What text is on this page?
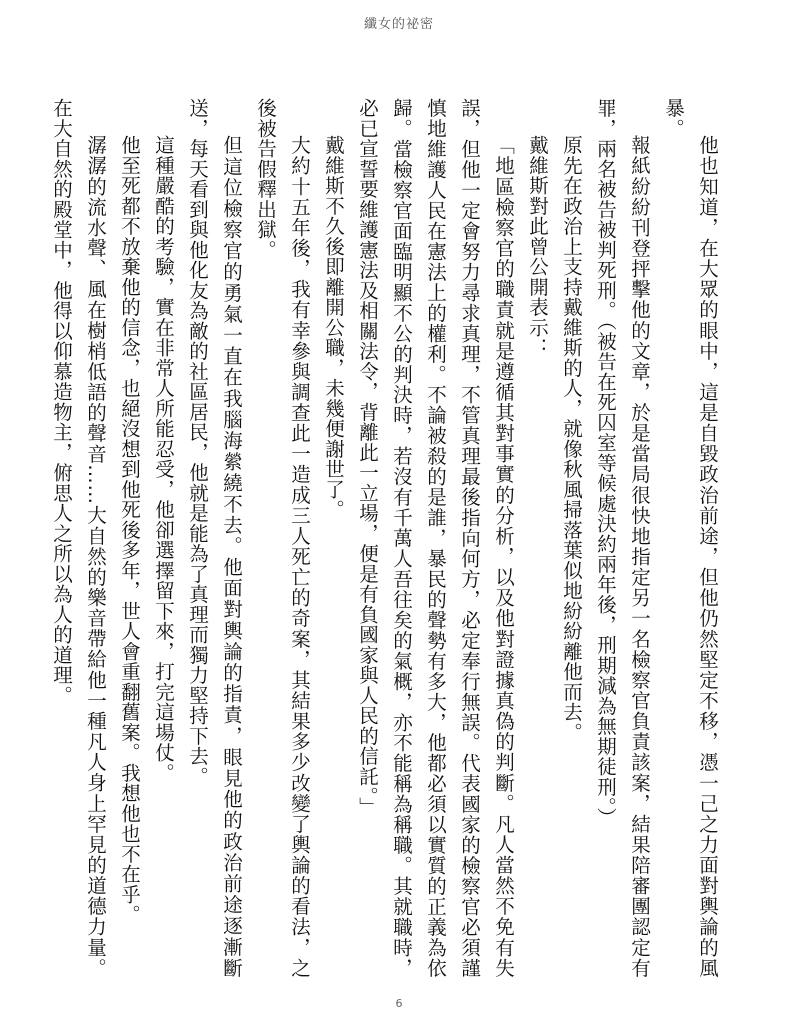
纖女的祕密

他也知道，在大眾的眼中，這是自毀政治前途，但他仍然堅定不移，憑一己之力面對輿論的風暴。

報紙紛紛刊登抨擊他的文章，於是當局很快地指定另一名檢察官負責該案，結果陪審團認定有罪，兩名被告被判死刑。（被告在死囚室等候處決約兩年後，刑期減為無期徒刑。）

原先在政治上支持戴維斯的人，就像秋風掃落葉似地紛紛離他而去。

戴維斯對此曾公開表示：

「地區檢察官的職責就是遵循其對事實的分析，以及他對證據真偽的判斷。凡人當然不免有失誤，但他一定會努力尋求真理，不管真理最後指向何方，必定奉行無誤。代表國家的檢察官必須謹慎地維護人民在憲法上的權利。不論被殺的是誰，暴民的聲勢有多大，他都必須以實質的正義為依歸。當檢察官面臨明顯不公的判決時，若沒有千萬人吾往矣的氣概，亦不能稱為稱職。其就職時，必已宣誓要維護憲法及相關法令，背離此一立場，便是有負國家與人民的信託。」

戴維斯不久後即離開公職，未幾便謝世了。

大約十五年後，我有幸參與調查此一造成三人死亡的奇案，其結果多少改變了輿論的看法，之後被告假釋出獄。

但這位檢察官的勇氣一直在我腦海縈繞不去。他面對輿論的指責，眼見他的政治前途逐漸斷送，每天看到與他化友為敵的社區居民，他就是能為了真理而獨力堅持下去。

這種嚴酷的考驗，實在非常人所能忍受，他卻選擇留下來，打完這場仗。

他至死都不放棄他的信念，也絕沒想到他死後多年，世人會重翻舊案。我想他也不在乎。

潺潺的流水聲、風在樹梢低語的聲音……大自然的樂音帶給他一種凡人身上罕見的道德力量。在大自然的殿堂中，他得以仰慕造物主，俯思人之所以為人的道理。

6
